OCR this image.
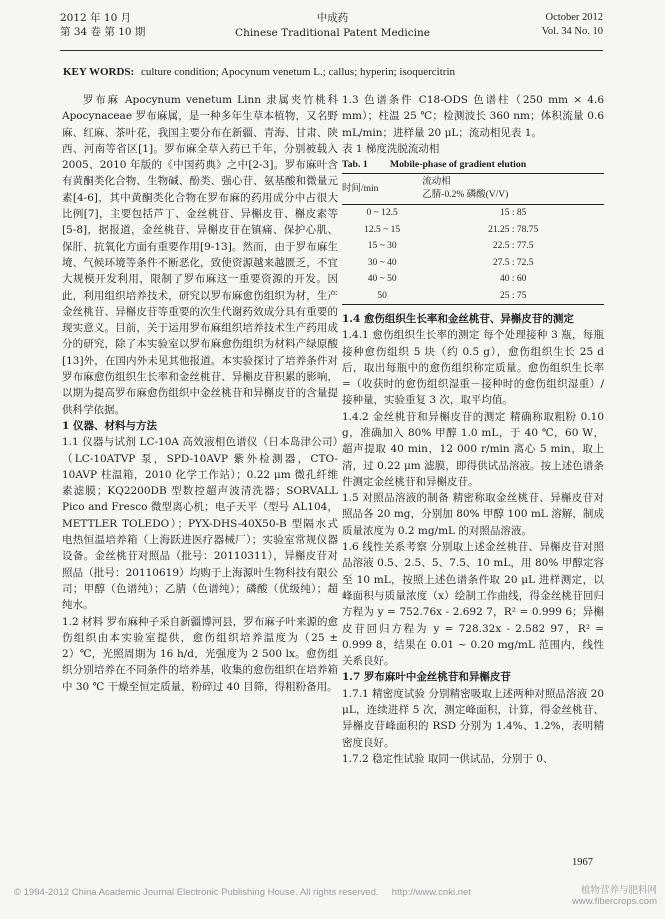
2012 年 10 月
第 34 卷 第 10 期
中成药
Chinese Traditional Patent Medicine
October 2012
Vol. 34 No. 10
KEY WORDS: culture condition; Apocynum venetum L.; callus; hyperin; isoquercitrin

罗布麻 Apocynum venetum Linn 隶属夹竹桃科 Apocynaceae 罗布麻属，是一种多年生草本植物，又名野麻、红麻、茶叶花，我国主要分布在新疆、青海、甘肃、陕西、河南等省区[1]。罗布麻全草入药已千年，分别被载入 2005、2010 年版的《中国药典》之中[2-3]。罗布麻叶含有黄酮类化合物、生物碱、酚类、强心苷、氨基酸和微量元素[4-6]，其中黄酮类化合物在罗布麻的药用成分中占很大比例[7]，主要包括芦丁、金丝桃苷、异槲皮苷、槲皮素等[5-8]，据报道，金丝桃苷、异槲皮苷在镇痛、保护心肌、保肝、抗氧化方面有重要作用[9-13]。然而，由于罗布麻生境、气候环境等条件不断恶化，致使资源越来越匮乏，不宜大规模开发利用，限制了罗布麻这一重要资源的开发。因此，利用组织培养技术，研究以罗布麻愈伤组织为材，生产金丝桃苷、异槲皮苷等重要的次生代谢药效成分具有重要的现实意义。目前，关于运用罗布麻组织培养技术生产药用成分的研究，除了本实验室以罗布麻愈伤组织为材料产绿原酸[13]外，在国内外未见其他报道。本实验探讨了培养条件对罗布麻愈伤组织生长率和金丝桃苷、异槲皮苷积累的影响，以期为提高罗布麻愈伤组织中金丝桃苷和异槲皮苷的含量提供科学依据。

1 仪器、材料与方法

1.1 仪器与试剂 LC-10A 高效液相色谱仪（日本岛津公司）（LC-10ATVP 泵，SPD-10AVP 紫外检测器，CTO-10AVP 柱温箱，2010 化学工作站）；0.22 μm 微孔纤维素滤膜；KQ2200DB 型数控超声波清洗器；SORVALL Pico and Fresco 微型离心机；电子天平（型号 AL104，METTLER TOLEDO）；PYX-DHS-40X50-B 型隔水式电热恒温培养箱（上海跃进医疗器械厂）；实验室常规仪器设备。金丝桃苷对照品（批号：20110311），异槲皮苷对照品（批号：20110619）均购于上海源叶生物科技有限公司；甲醇（色谱纯）；乙腈（色谱纯）；磷酸（优级纯）；超纯水。

1.2 材料 罗布麻种子采自新疆博河县，罗布麻子叶来源的愈伤组织由本实验室提供，愈伤组织培养温度为（25 ± 2）℃，光照周期为 16 h/d，光强度为 2 500 lx。愈伤组织分别培养在不同条件的培养基，收集的愈伤组织在培养箱中 30 ℃ 干燥至恒定质量，粉碎过 40 目筛，得粗粉备用。

1.3 色谱条件 C18-ODS 色谱柱（250 mm × 4.6 mm）；柱温 25 ℃；检测波长 360 nm；体积流量 0.6 mL/min；进样量 20 μL；流动相见表 1。

表 1 梯度洗脱流动相

Tab. 1 Mobile-phase of gradient elution

时间/min	流动相
乙腈-0.2% 磷酸(V/V)

0 ~ 12.5	15 : 85
12.5 ~ 15	21.25 : 78.75
15 ~ 30	22.5 : 77.5
30 ~ 40	27.5 : 72.5
40 ~ 50	40 : 60
50	25 : 75

1.4 愈伤组织生长率和金丝桃苷、异槲皮苷的测定

1.4.1 愈伤组织生长率的测定 每个处理接种 3 瓶，每瓶接种愈伤组织 5 块（约 0.5 g），愈伤组织生长 25 d 后，取出每瓶中的愈伤组织称定质量。愈伤组织生长率 =（收获时的愈伤组织湿重－接种时的愈伤组织湿重）/接种量，实验重复 3 次，取平均值。

1.4.2 金丝桃苷和异槲皮苷的测定 精确称取粗粉 0.10 g，准确加入 80% 甲醇 1.0 mL，于 40 ℃，60 W，超声提取 40 min，12 000 r/min 离心 5 min，取上清，过 0.22 μm 滤膜，即得供试品溶液。按上述色谱条件测定金丝桃苷和异槲皮苷。

1.5 对照品溶液的制备 精密称取金丝桃苷、异槲皮苷对照品各 20 mg，分别加 80% 甲醇 100 mL 溶解，制成质量浓度为 0.2 mg/mL 的对照品溶液。

1.6 线性关系考察 分别取上述金丝桃苷、异槲皮苷对照品溶液 0.5、2.5、5、7.5、10 mL，用 80% 甲醇定容至 10 mL，按照上述色谱条件取 20 μL 进样测定，以峰面积与质量浓度（x）绘制工作曲线，得金丝桃苷回归方程为 y = 752.76x - 2.692 7，R² = 0.999 6；异槲皮苷回归方程为 y = 728.32x - 2.582 97，R² = 0.999 8，结果在 0.01 ~ 0.20 mg/mL 范围内，线性关系良好。

1.7 罗布麻叶中金丝桃苷和异槲皮苷

1.7.1 精密度试验 分别精密吸取上述两种对照品溶液 20 μL，连续进样 5 次，测定峰面积，计算，得金丝桃苷、异槲皮苷峰面积的 RSD 分别为 1.4%、1.2%，表明精密度良好。

1.7.2 稳定性试验 取同一供试品，分别于 0、

1967
© 1994-2012 China Academic Journal Electronic Publishing House. All rights reserved. http://www.cnki.net	植物营养与肥料网
www.fibercrops.com
